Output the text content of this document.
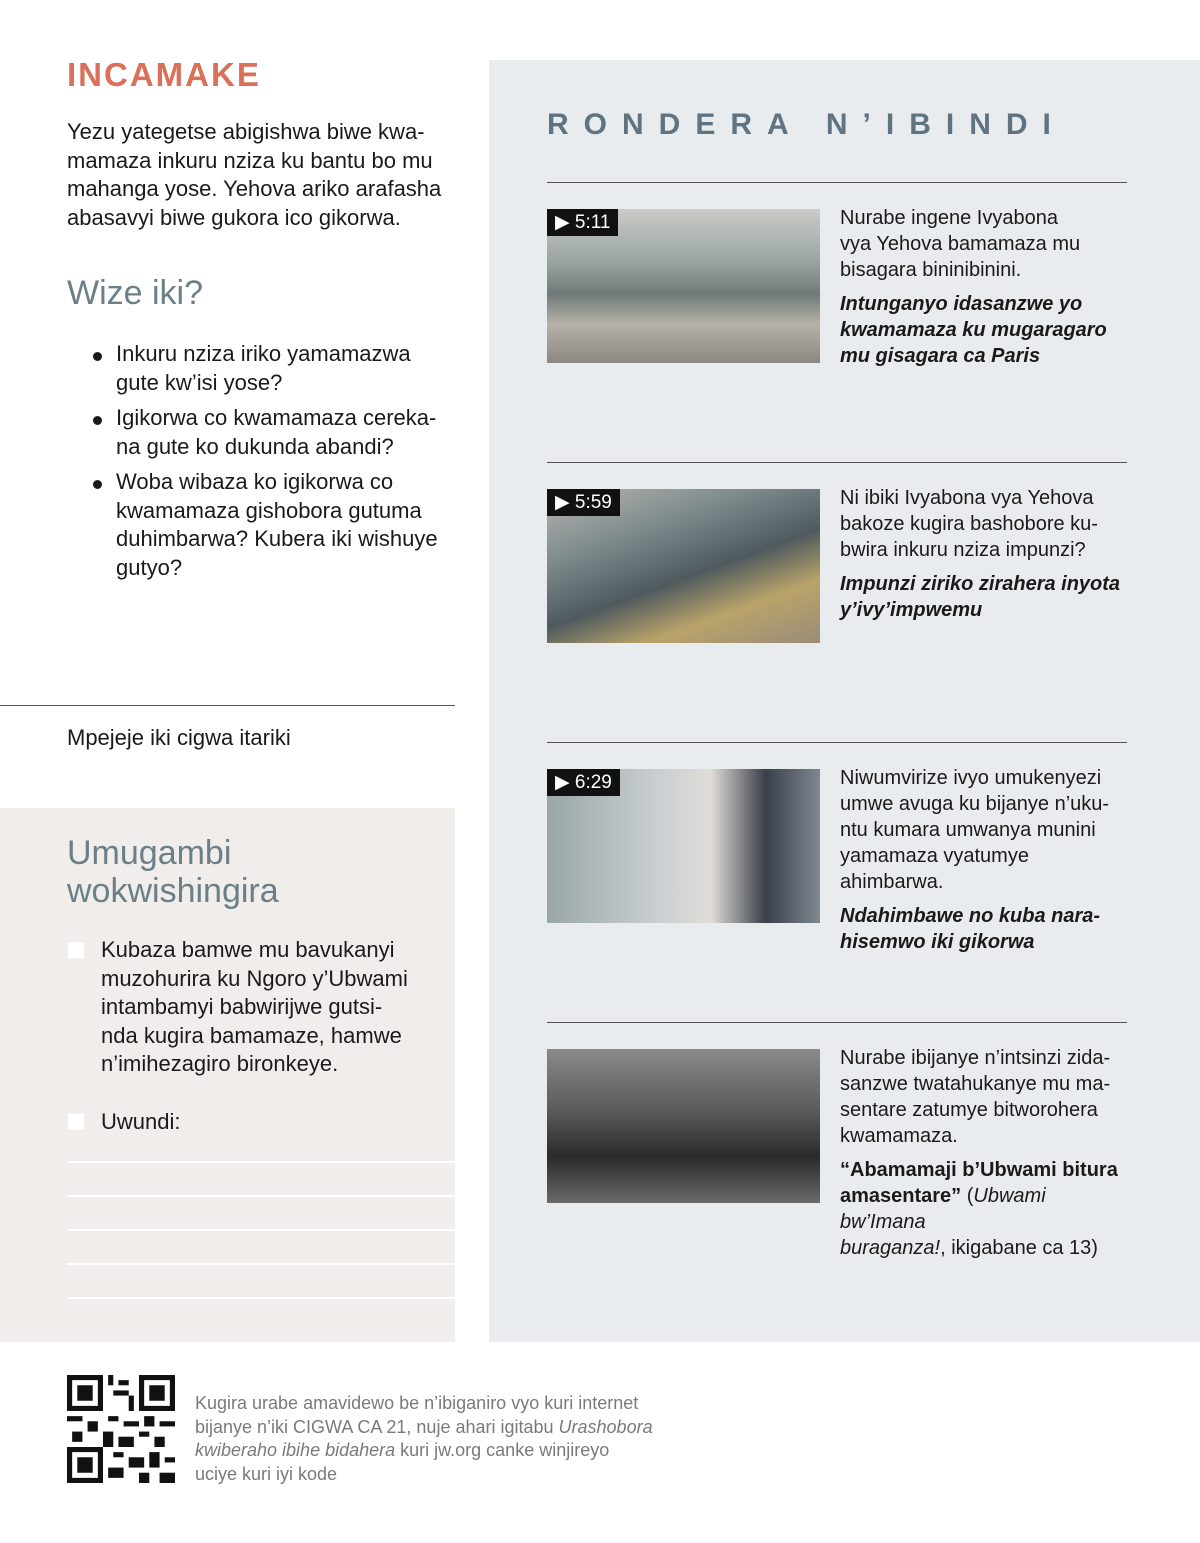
INCAMAKE
Yezu yategetse abigishwa biwe kwa-
mamaza inkuru nziza ku bantu bo mu
mahanga yose. Yehova ariko arafasha
abasavyi biwe gukora ico gikorwa.
Wize iki?
Inkuru nziza iriko yamamazwa
gute kw’isi yose?
Igikorwa co kwamamaza cereka-
na gute ko dukunda abandi?
Woba wibaza ko igikorwa co
kwamamaza gishobora gutuma
duhimbarwa? Kubera iki wishuye
gutyo?
Mpejeje iki cigwa itariki
Umugambi
wokwishingira
Kubaza bamwe mu bavukanyi
muzohurira ku Ngoro y’Ubwami
intambamyi babwirijwe gutsi-
nda kugira bamamaze, hamwe
n’imihezagiro bironkeye.
Uwundi:
RONDERA N’IBINDI
▶ 5:11	Nurabe ingene Ivyabona
vya Yehova bamamaza mu
bisagara bininibinini.
Intunganyo idasanzwe yo
kwamamaza ku mugaragaro
mu gisagara ca Paris
▶ 5:59	Ni ibiki Ivyabona vya Yehova
bakoze kugira bashobore ku-
bwira inkuru nziza impunzi?
Impunzi ziriko zirahera inyota
y’ivy’impwemu
▶ 6:29	Niwumvirize ivyo umukenyezi
umwe avuga ku bijanye n’uku-
ntu kumara umwanya munini
yamamaza vyatumye
ahimbarwa.
Ndahimbawe no kuba nara-
hisemwo iki gikorwa
Nurabe ibijanye n’intsinzi zida-
sanzwe twatahukanye mu ma-
sentare zatumye bitworohera
kwamamaza.
“Abamamaji b’Ubwami bitura
amasentare” (Ubwami bw’Imana
buraganza!, ikigabane ca 13)
Kugira urabe amavidewo be n’ibiganiro vyo kuri internet
bijanye n’iki CIGWA CA 21, nuje ahari igitabu Urashobora
kwiberaho ibihe bidahera kuri jw.org canke winjireyo
uciye kuri iyi kode
